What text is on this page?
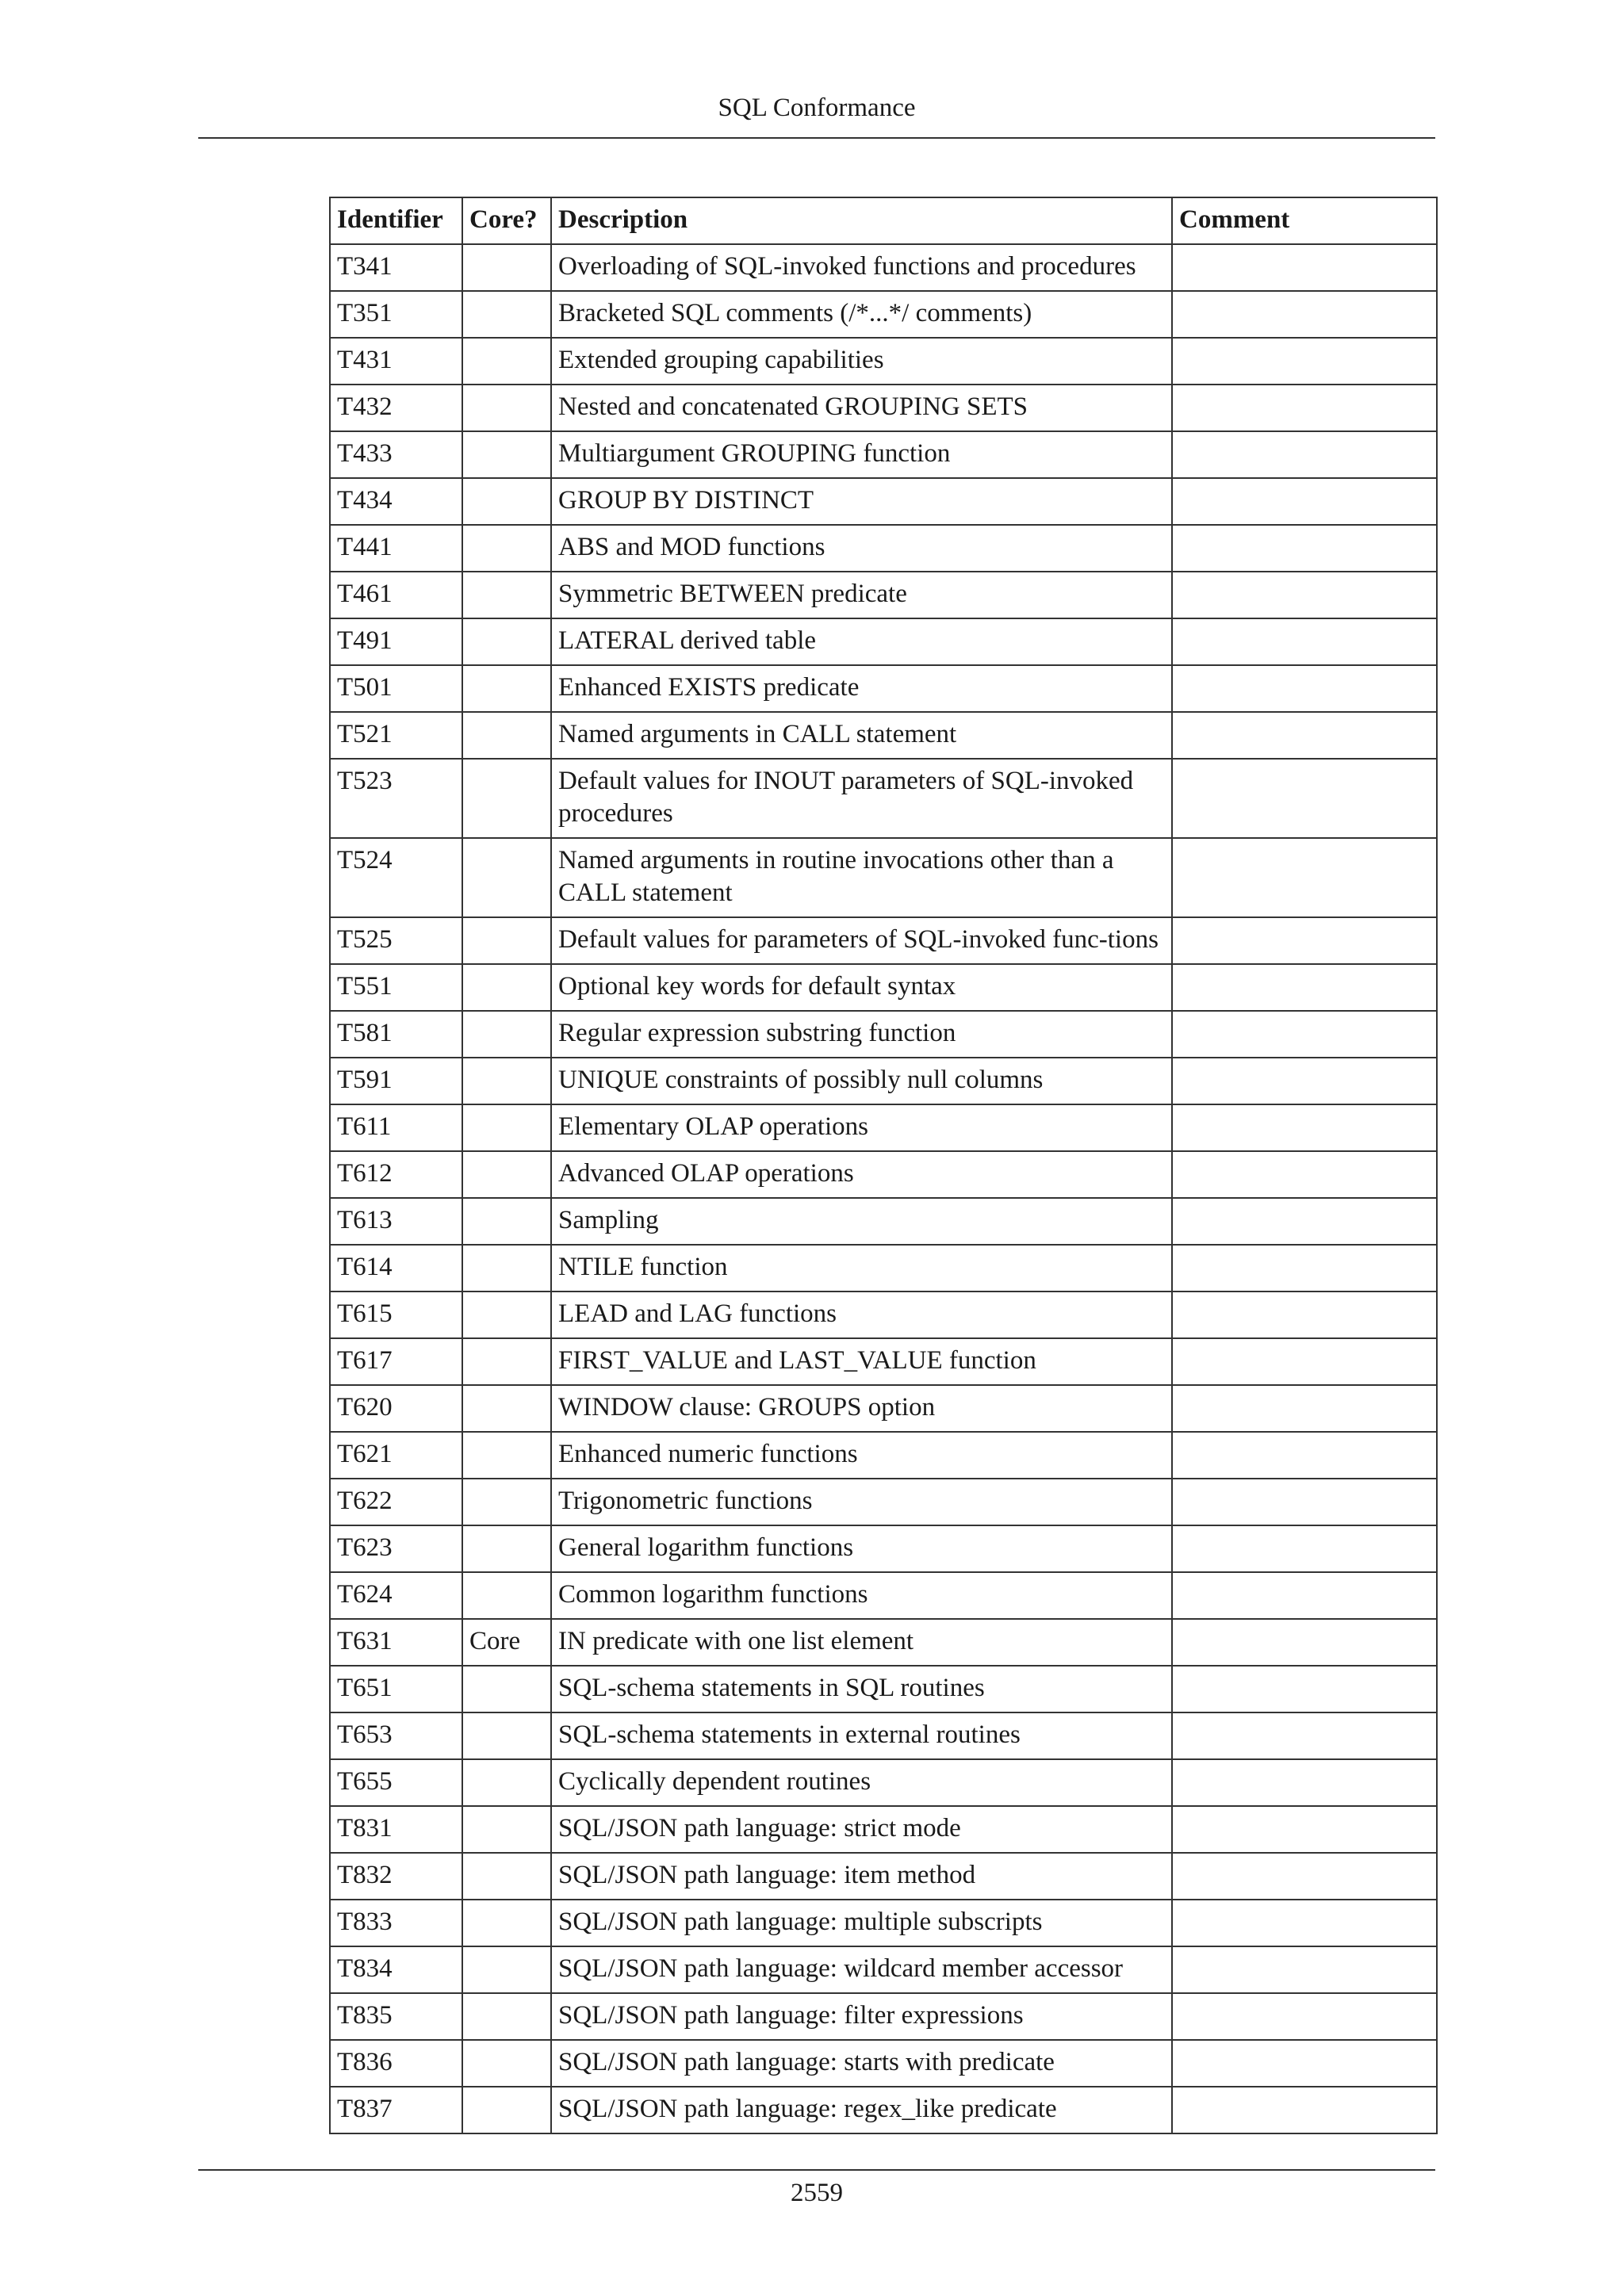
SQL Conformance
Identifier	Core?	Description	Comment
T341		Overloading of SQL-invoked functions and procedures	
T351		Bracketed SQL comments (/*...*/ comments)	
T431		Extended grouping capabilities	
T432		Nested and concatenated GROUPING SETS	
T433		Multiargument GROUPING function	
T434		GROUP BY DISTINCT	
T441		ABS and MOD functions	
T461		Symmetric BETWEEN predicate	
T491		LATERAL derived table	
T501		Enhanced EXISTS predicate	
T521		Named arguments in CALL statement	
T523		Default values for INOUT parameters of SQL-invoked procedures	
T524		Named arguments in routine invocations other than a CALL statement	
T525		Default values for parameters of SQL-invoked func-tions	
T551		Optional key words for default syntax	
T581		Regular expression substring function	
T591		UNIQUE constraints of possibly null columns	
T611		Elementary OLAP operations	
T612		Advanced OLAP operations	
T613		Sampling	
T614		NTILE function	
T615		LEAD and LAG functions	
T617		FIRST_VALUE and LAST_VALUE function	
T620		WINDOW clause: GROUPS option	
T621		Enhanced numeric functions	
T622		Trigonometric functions	
T623		General logarithm functions	
T624		Common logarithm functions	
T631	Core	IN predicate with one list element	
T651		SQL-schema statements in SQL routines	
T653		SQL-schema statements in external routines	
T655		Cyclically dependent routines	
T831		SQL/JSON path language: strict mode	
T832		SQL/JSON path language: item method	
T833		SQL/JSON path language: multiple subscripts	
T834		SQL/JSON path language: wildcard member accessor	
T835		SQL/JSON path language: filter expressions	
T836		SQL/JSON path language: starts with predicate	
T837		SQL/JSON path language: regex_like predicate	
2559
